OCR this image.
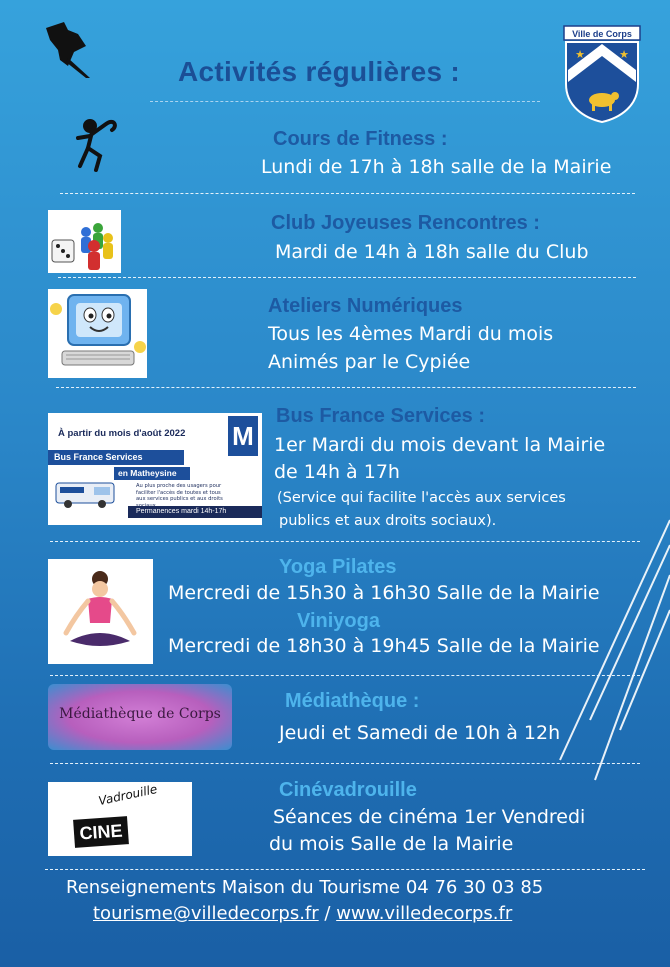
Activités régulières :
Ville de Corps
★	★
Cours de Fitness :
Lundi de 17h à 18h salle de la Mairie
Club Joyeuses Rencontres :
Mardi de 14h à 18h salle du Club
Ateliers Numériques
Tous les 4èmes Mardi du mois
Animés par le Cypiée
À partir du mois d'août 2022 M
Bus France Services
en Matheysine
Au plus proche des usagers pour faciliter l'accès de toutes et tous aux services publics et aux droits
Permanences mardi 14h-17h
Bus France Services :
1er Mardi du mois devant la Mairie
de 14h à 17h
(Service qui facilite l'accès aux services
publics et aux droits sociaux).
Yoga Pilates
Mercredi de 15h30 à 16h30 Salle de la Mairie
Viniyoga
Mercredi de 18h30 à 19h45 Salle de la Mairie
Médiathèque de Corps
Médiathèque :
Jeudi et Samedi de 10h à 12h
Vadrouille
CINE
Cinévadrouille
Séances de cinéma 1er Vendredi
du mois Salle de la Mairie
Renseignements Maison du Tourisme 04 76 30 03 85
tourisme@villedecorps.fr / www.villedecorps.fr
